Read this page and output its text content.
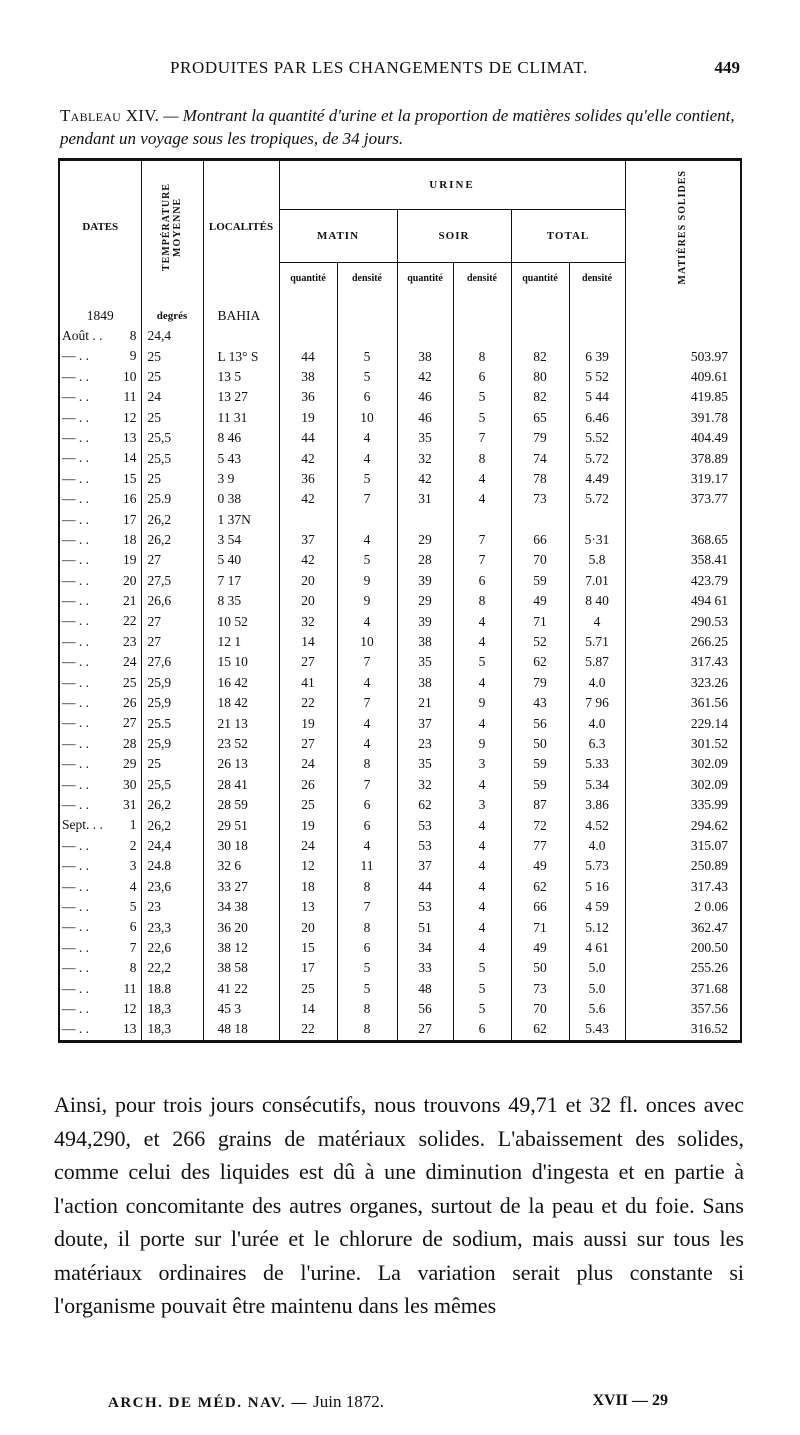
PRODUITES PAR LES CHANGEMENTS DE CLIMAT.	449
Tableau XIV. — Montrant la quantité d'urine et la proportion de matières solides qu'elle contient, pendant un voyage sous les tropiques, de 34 jours.
DATES	TEMPÉRATURE MOYENNE	LOCALITÉS	URINE						MATIÈRES SOLIDES

			MATIN		SOIR		TOTAL		
			quantité	densité	quantité	densité	quantité	densité	
1849	degrés	BAHIA							

Août . . 8	24,4								

— . . 9	25	L 13° S	44	5	38	8	82	6 39	503.97

— . . 10	25	13 5	38	5	42	6	80	5 52	409.61

— . . 11	24	13 27	36	6	46	5	82	5 44	419.85

— . . 12	25	11 31	19	10	46	5	65	6.46	391.78

— . . 13	25,5	8 46	44	4	35	7	79	5.52	404.49

— . . 14	25,5	5 43	42	4	32	8	74	5.72	378.89

— . . 15	25	3 9	36	5	42	4	78	4.49	319.17

— . . 16	25.9	0 38	42	7	31	4	73	5.72	373.77

— . . 17	26,2	1 37N							

— . . 18	26,2	3 54	37	4	29	7	66	5·31	368.65

— . . 19	27	5 40	42	5	28	7	70	5.8	358.41

— . . 20	27,5	7 17	20	9	39	6	59	7.01	423.79

— . . 21	26,6	8 35	20	9	29	8	49	8 40	494 61

— . . 22	27	10 52	32	4	39	4	71	4	290.53

— . . 23	27	12 1	14	10	38	4	52	5.71	266.25

— . . 24	27,6	15 10	27	7	35	5	62	5.87	317.43

— . . 25	25,9	16 42	41	4	38	4	79	4.0	323.26

— . . 26	25,9	18 42	22	7	21	9	43	7 96	361.56

— . . 27	25.5	21 13	19	4	37	4	56	4.0	229.14

— . . 28	25,9	23 52	27	4	23	9	50	6.3	301.52

— . . 29	25	26 13	24	8	35	3	59	5.33	302.09

— . . 30	25,5	28 41	26	7	32	4	59	5.34	302.09

— . . 31	26,2	28 59	25	6	62	3	87	3.86	335.99

Sept. . . 1	26,2	29 51	19	6	53	4	72	4.52	294.62

— . . 2	24,4	30 18	24	4	53	4	77	4.0	315.07

— . . 3	24.8	32 6	12	11	37	4	49	5.73	250.89

— . . 4	23,6	33 27	18	8	44	4	62	5 16	317.43

— . . 5	23	34 38	13	7	53	4	66	4 59	2 0.06

— . . 6	23,3	36 20	20	8	51	4	71	5.12	362.47

— . . 7	22,6	38 12	15	6	34	4	49	4 61	200.50

— . . 8	22,2	38 58	17	5	33	5	50	5.0	255.26

— . . 11	18.8	41 22	25	5	48	5	73	5.0	371.68

— . . 12	18,3	45 3	14	8	56	5	70	5.6	357.56

— . . 13	18,3	48 18	22	8	27	6	62	5.43	316.52

Ainsi, pour trois jours consécutifs, nous trouvons 49,71 et 32 fl. onces avec 494,290, et 266 grains de matériaux solides. L'abaissement des solides, comme celui des liquides est dû à une diminution d'ingesta et en partie à l'action concomitante des autres organes, surtout de la peau et du foie. Sans doute, il porte sur l'urée et le chlorure de sodium, mais aussi sur tous les matériaux ordinaires de l'urine. La variation serait plus constante si l'organisme pouvait être maintenu dans les mêmes

ARCH. DE MÉD. NAV. — Juin 1872.	XVII — 29
